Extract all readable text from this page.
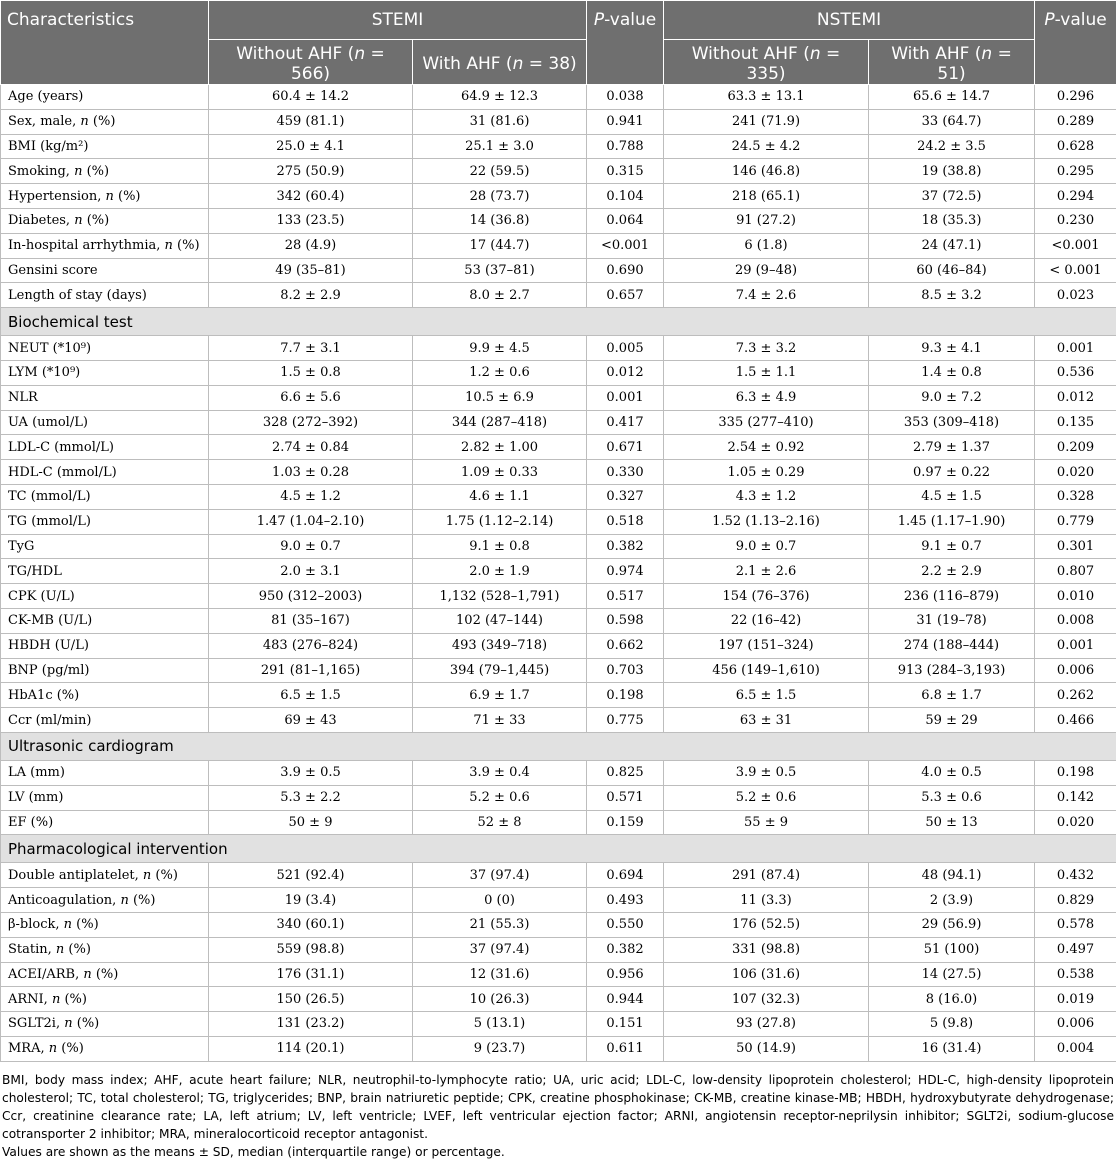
Characteristics	STEMI		P-value	NSTEMI		P-value
	Without AHF (n = 566)	With AHF (n = 38)		Without AHF (n = 335)	With AHF (n = 51)	
Age (years)	60.4 ± 14.2	64.9 ± 12.3	0.038	63.3 ± 13.1	65.6 ± 14.7	0.296
Sex, male, n (%)	459 (81.1)	31 (81.6)	0.941	241 (71.9)	33 (64.7)	0.289
BMI (kg/m²)	25.0 ± 4.1	25.1 ± 3.0	0.788	24.5 ± 4.2	24.2 ± 3.5	0.628
Smoking, n (%)	275 (50.9)	22 (59.5)	0.315	146 (46.8)	19 (38.8)	0.295
Hypertension, n (%)	342 (60.4)	28 (73.7)	0.104	218 (65.1)	37 (72.5)	0.294
Diabetes, n (%)	133 (23.5)	14 (36.8)	0.064	91 (27.2)	18 (35.3)	0.230
In-hospital arrhythmia, n (%)	28 (4.9)	17 (44.7)	<0.001	6 (1.8)	24 (47.1)	<0.001
Gensini score	49 (35–81)	53 (37–81)	0.690	29 (9–48)	60 (46–84)	< 0.001
Length of stay (days)	8.2 ± 2.9	8.0 ± 2.7	0.657	7.4 ± 2.6	8.5 ± 3.2	0.023
Biochemical test						
NEUT (*10⁹)	7.7 ± 3.1	9.9 ± 4.5	0.005	7.3 ± 3.2	9.3 ± 4.1	0.001
LYM (*10⁹)	1.5 ± 0.8	1.2 ± 0.6	0.012	1.5 ± 1.1	1.4 ± 0.8	0.536
NLR	6.6 ± 5.6	10.5 ± 6.9	0.001	6.3 ± 4.9	9.0 ± 7.2	0.012
UA (umol/L)	328 (272–392)	344 (287–418)	0.417	335 (277–410)	353 (309–418)	0.135
LDL-C (mmol/L)	2.74 ± 0.84	2.82 ± 1.00	0.671	2.54 ± 0.92	2.79 ± 1.37	0.209
HDL-C (mmol/L)	1.03 ± 0.28	1.09 ± 0.33	0.330	1.05 ± 0.29	0.97 ± 0.22	0.020
TC (mmol/L)	4.5 ± 1.2	4.6 ± 1.1	0.327	4.3 ± 1.2	4.5 ± 1.5	0.328
TG (mmol/L)	1.47 (1.04–2.10)	1.75 (1.12–2.14)	0.518	1.52 (1.13–2.16)	1.45 (1.17–1.90)	0.779
TyG	9.0 ± 0.7	9.1 ± 0.8	0.382	9.0 ± 0.7	9.1 ± 0.7	0.301
TG/HDL	2.0 ± 3.1	2.0 ± 1.9	0.974	2.1 ± 2.6	2.2 ± 2.9	0.807
CPK (U/L)	950 (312–2003)	1,132 (528–1,791)	0.517	154 (76–376)	236 (116–879)	0.010
CK-MB (U/L)	81 (35–167)	102 (47–144)	0.598	22 (16–42)	31 (19–78)	0.008
HBDH (U/L)	483 (276–824)	493 (349–718)	0.662	197 (151–324)	274 (188–444)	0.001
BNP (pg/ml)	291 (81–1,165)	394 (79–1,445)	0.703	456 (149–1,610)	913 (284–3,193)	0.006
HbA1c (%)	6.5 ± 1.5	6.9 ± 1.7	0.198	6.5 ± 1.5	6.8 ± 1.7	0.262
Ccr (ml/min)	69 ± 43	71 ± 33	0.775	63 ± 31	59 ± 29	0.466
Ultrasonic cardiogram						
LA (mm)	3.9 ± 0.5	3.9 ± 0.4	0.825	3.9 ± 0.5	4.0 ± 0.5	0.198
LV (mm)	5.3 ± 2.2	5.2 ± 0.6	0.571	5.2 ± 0.6	5.3 ± 0.6	0.142
EF (%)	50 ± 9	52 ± 8	0.159	55 ± 9	50 ± 13	0.020
Pharmacological intervention						
Double antiplatelet, n (%)	521 (92.4)	37 (97.4)	0.694	291 (87.4)	48 (94.1)	0.432
Anticoagulation, n (%)	19 (3.4)	0 (0)	0.493	11 (3.3)	2 (3.9)	0.829
β-block, n (%)	340 (60.1)	21 (55.3)	0.550	176 (52.5)	29 (56.9)	0.578
Statin, n (%)	559 (98.8)	37 (97.4)	0.382	331 (98.8)	51 (100)	0.497
ACEI/ARB, n (%)	176 (31.1)	12 (31.6)	0.956	106 (31.6)	14 (27.5)	0.538
ARNI, n (%)	150 (26.5)	10 (26.3)	0.944	107 (32.3)	8 (16.0)	0.019
SGLT2i, n (%)	131 (23.2)	5 (13.1)	0.151	93 (27.8)	5 (9.8)	0.006
MRA, n (%)	114 (20.1)	9 (23.7)	0.611	50 (14.9)	16 (31.4)	0.004

BMI, body mass index; AHF, acute heart failure; NLR, neutrophil-to-lymphocyte ratio; UA, uric acid; LDL-C, low-density lipoprotein cholesterol; HDL-C, high-density lipoprotein cholesterol; TC, total cholesterol; TG, triglycerides; BNP, brain natriuretic peptide; CPK, creatine phosphokinase; CK-MB, creatine kinase-MB; HBDH, hydroxybutyrate dehydrogenase; Ccr, creatinine clearance rate; LA, left atrium; LV, left ventricle; LVEF, left ventricular ejection factor; ARNI, angiotensin receptor-neprilysin inhibitor; SGLT2i, sodium-glucose cotransporter 2 inhibitor; MRA, mineralocorticoid receptor antagonist.

Values are shown as the means ± SD, median (interquartile range) or percentage.
